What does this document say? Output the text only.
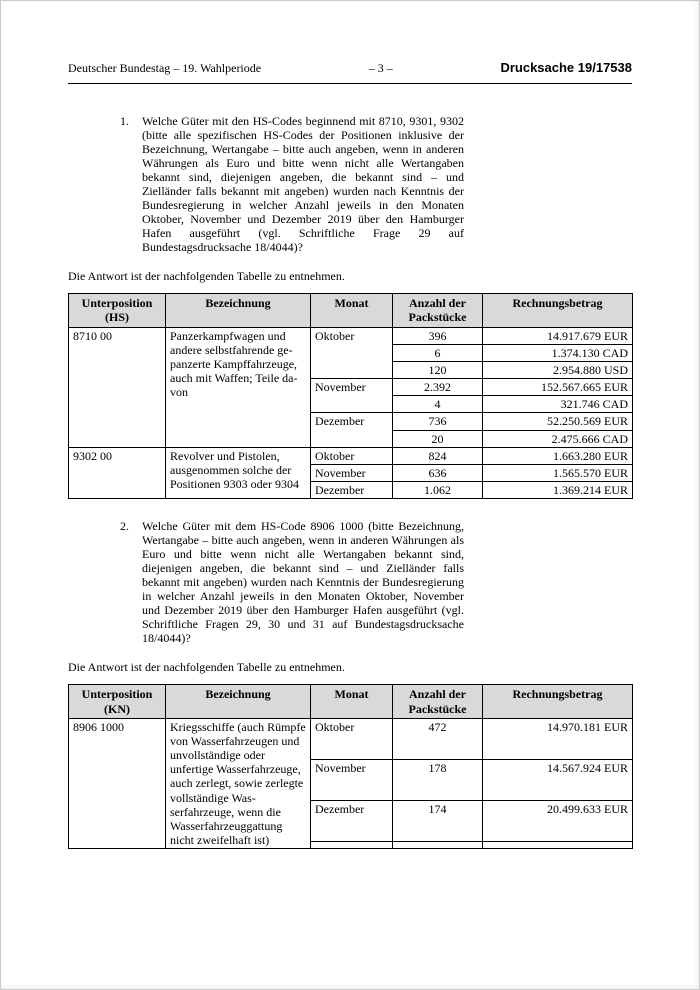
Deutscher Bundestag – 19. Wahlperiode	– 3 –	Drucksache 19/17538
1.	Welche Güter mit den HS-Codes beginnend mit 8710, 9301, 9302 (bitte alle spezifischen HS-Codes der Positionen inklusive der Bezeichnung, Wertangabe – bitte auch angeben, wenn in anderen Währungen als Euro und bitte wenn nicht alle Wertangaben bekannt sind, diejenigen angeben, die bekannt sind – und Zielländer falls bekannt mit angeben) wurden nach Kenntnis der Bundesregierung in welcher Anzahl jeweils in den Monaten Oktober, November und Dezember 2019 über den Hamburger Hafen ausgeführt (vgl. Schriftliche Frage 29 auf Bundestagsdrucksache 18/4044)?

Die Antwort ist der nachfolgenden Tabelle zu entnehmen.

Unterposition (HS)	Bezeichnung	Monat	Anzahl der Packstücke	Rechnungsbetrag
8710 00	Panzerkampfwagen und andere selbstfahrende gepanzerte Kampffahrzeuge, auch mit Waffen; Teile davon	Oktober	396	14.917.679 EUR
			6	1.374.130 CAD
			120	2.954.880 USD
		November	2.392	152.567.665 EUR
			4	321.746 CAD
		Dezember	736	52.250.569 EUR
			20	2.475.666 CAD
9302 00	Revolver und Pistolen, ausgenommen solche der Positionen 9303 oder 9304	Oktober	824	1.663.280 EUR
		November	636	1.565.570 EUR
		Dezember	1.062	1.369.214 EUR
2.	Welche Güter mit dem HS-Code 8906 1000 (bitte Bezeichnung, Wertangabe – bitte auch angeben, wenn in anderen Währungen als Euro und bitte wenn nicht alle Wertangaben bekannt sind, diejenigen angeben, die bekannt sind – und Zielländer falls bekannt mit angeben) wurden nach Kenntnis der Bundesregierung in welcher Anzahl jeweils in den Monaten Oktober, November und Dezember 2019 über den Hamburger Hafen ausgeführt (vgl. Schriftliche Fragen 29, 30 und 31 auf Bundestagsdrucksache 18/4044)?

Die Antwort ist der nachfolgenden Tabelle zu entnehmen.

Unterposition (KN)	Bezeichnung	Monat	Anzahl der Packstücke	Rechnungsbetrag
8906 1000	Kriegsschiffe (auch Rümpfe von Wasserfahrzeugen und unvollständige oder unfertige Wasserfahrzeuge, auch zerlegt, sowie zerlegte vollständige Wasserfahrzeuge, wenn die Wasserfahrzeuggattung nicht zweifelhaft ist)	Oktober	472	14.970.181 EUR
		November	178	14.567.924 EUR
		Dezember	174	20.499.633 EUR
